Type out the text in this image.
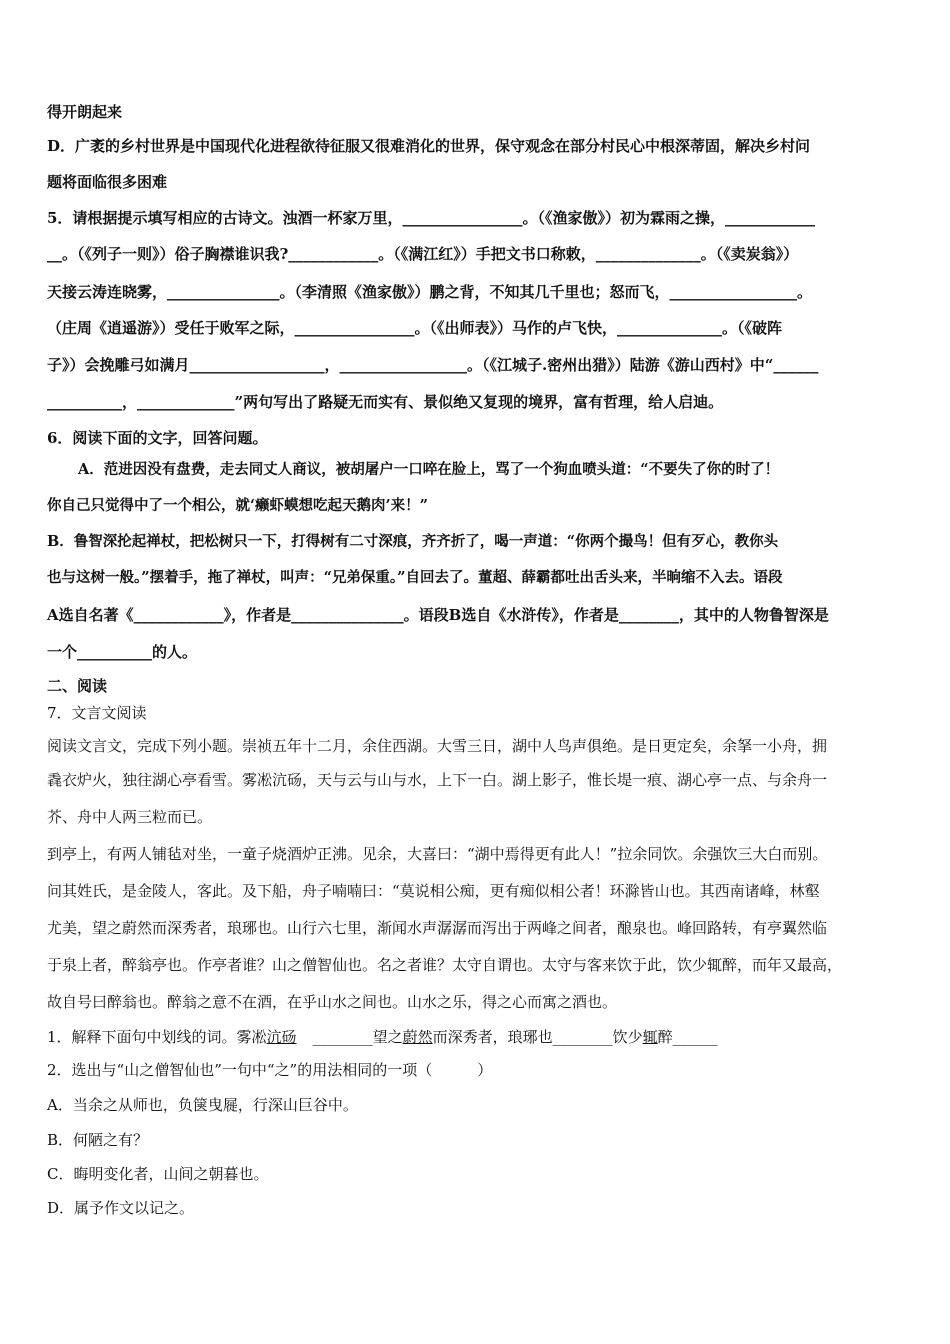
得开朗起来
D．广袤的乡村世界是中国现代化进程欲待征服又很难消化的世界，保守观念在部分村民心中根深蒂固，解决乡村问
题将面临很多困难
5．请根据提示填写相应的古诗文。浊酒一杯家万里，________________。（《渔家傲》）初为霖雨之操，____________
__。（《列子一则》）俗子胸襟谁识我?____________。（《满江红》）手把文书口称敕，______________。（《卖炭翁》）
天接云涛连晓雾，_______________。（李清照《渔家傲》）鹏之背，不知其几千里也；怒而飞，_________________。
（庄周《逍遥游》）受任于败军之际，________________。（《出师表》）马作的卢飞快，______________。（《破阵
子》）会挽雕弓如满月__________________，_________________。（《江城子.密州出猎》）陆游《游山西村》中“______
__________，_____________”两句写出了路疑无而实有、景似绝又复现的境界，富有哲理，给人启迪。
6．阅读下面的文字，回答问题。
A．范进因没有盘费，走去同丈人商议，被胡屠户一口啐在脸上，骂了一个狗血喷头道：“不要失了你的时了！
你自己只觉得中了一个相公，就‘癞虾蟆想吃起天鹅肉’来！”
B．鲁智深抡起禅杖，把松树只一下，打得树有二寸深痕，齐齐折了，喝一声道：“你两个撮鸟！但有歹心，教你头
也与这树一般。”摆着手，拖了禅杖，叫声：“兄弟保重。”自回去了。董超、薛霸都吐出舌头来，半晌缩不入去。语段
A选自名著《____________》，作者是_______________。语段B选自《水浒传》，作者是________，其中的人物鲁智深是
一个__________的人。
二、阅读
7．文言文阅读
阅读文言文，完成下列小题。崇祯五年十二月，余住西湖。大雪三日，湖中人鸟声俱绝。是日更定矣，余拏一小舟，拥
毳衣炉火，独往湖心亭看雪。雾凇沆砀，天与云与山与水，上下一白。湖上影子，惟长堤一痕、湖心亭一点、与余舟一
芥、舟中人两三粒而已。
到亭上，有两人铺毡对坐，一童子烧酒炉正沸。见余，大喜曰：“湖中焉得更有此人！”拉余同饮。余强饮三大白而别。
问其姓氏，是金陵人，客此。及下船，舟子喃喃曰：“莫说相公痴，更有痴似相公者！环滁皆山也。其西南诸峰，林壑
尤美，望之蔚然而深秀者，琅琊也。山行六七里，渐闻水声潺潺而泻出于两峰之间者，酿泉也。峰回路转，有亭翼然临
于泉上者，醉翁亭也。作亭者谁？山之僧智仙也。名之者谁？太守自谓也。太守与客来饮于此，饮少辄醉，而年又最高，
故自号曰醉翁也。醉翁之意不在酒，在乎山水之间也。山水之乐，得之心而寓之酒也。
1．解释下面句中划线的词。雾凇沆砀 ________望之蔚然而深秀者，琅琊也________饮少辄醉______
2．选出与“山之僧智仙也”一句中“之”的用法相同的一项（　　　）
A．当余之从师也，负箧曳屣，行深山巨谷中。
B．何陋之有？
C．晦明变化者，山间之朝暮也。
D．属予作文以记之。
